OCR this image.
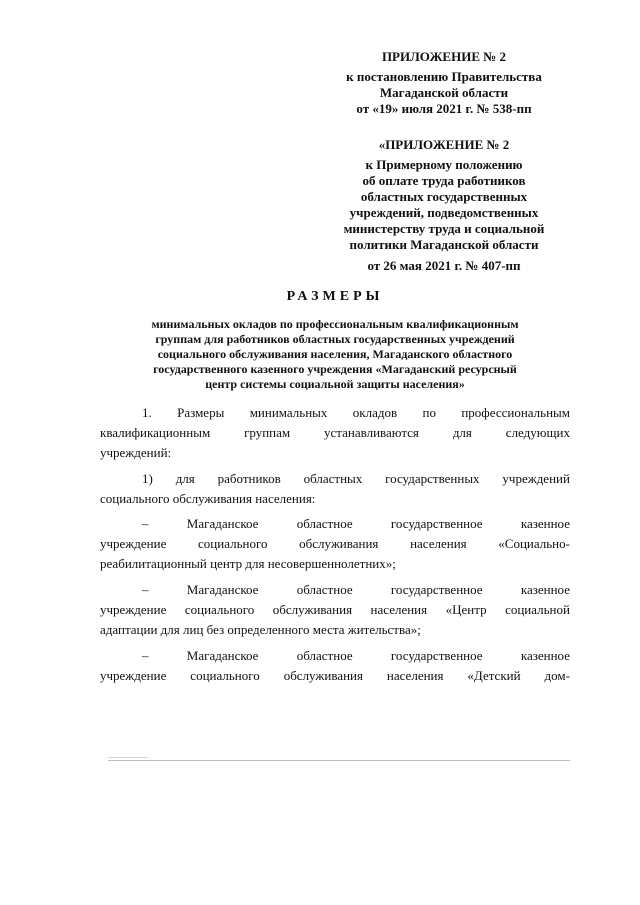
ПРИЛОЖЕНИЕ № 2
к постановлению Правительства
Магаданской области
от «19» июля 2021 г. № 538-пп
«ПРИЛОЖЕНИЕ № 2
к Примерному положению
об оплате труда работников
областных государственных
учреждений, подведомственных
министерству труда и социальной
политики Магаданской области
от 26 мая 2021 г. № 407-пп
РАЗМЕРЫ
минимальных окладов по профессиональным квалификационным
группам для работников областных государственных учреждений
социального обслуживания населения, Магаданского областного
государственного казенного учреждения «Магаданский ресурсный
центр системы социальной защиты населения»
1. Размеры минимальных окладов по профессиональным
квалификационным	группам	устанавливаются	для	следующих
учреждений:
1) для работников областных государственных учреждений
социального обслуживания населения:
–	Магаданское	областное	государственное	казенное
учреждение социального обслуживания населения «Социально-
реабилитационный центр для несовершеннолетних»;
–	Магаданское	областное	государственное	казенное
учреждение социального обслуживания населения «Центр социальной
адаптации для лиц без определенного места жительства»;
–	Магаданское	областное	государственное	казенное
учреждение социального обслуживания населения «Детский дом-
